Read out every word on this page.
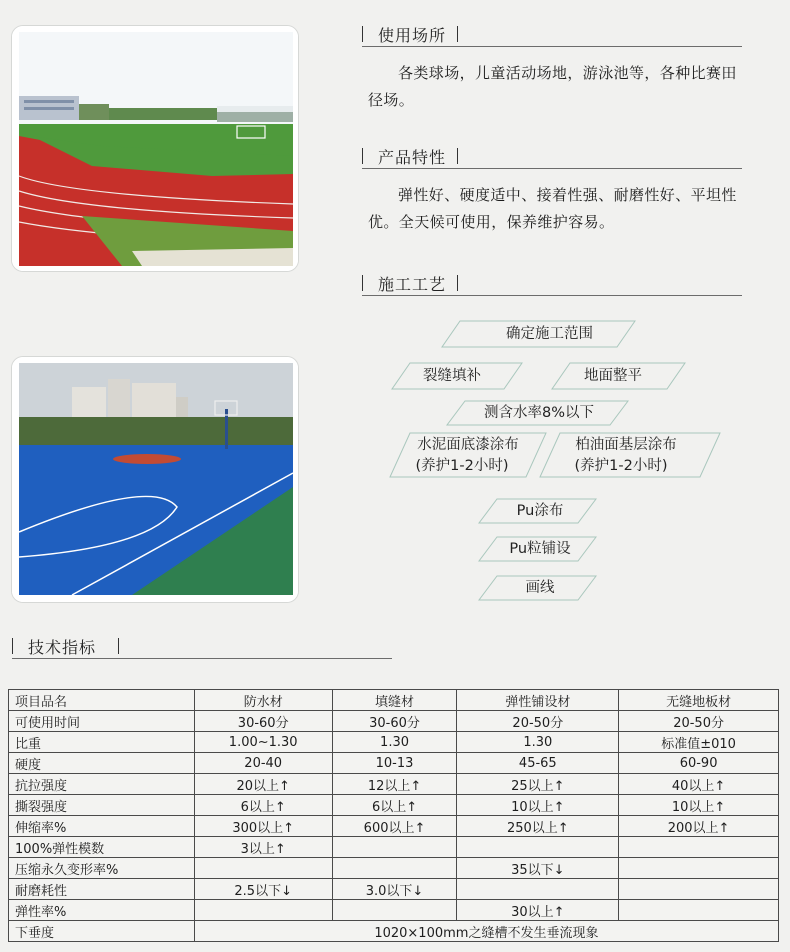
使用场所
各类球场，儿童活动场地，游泳池等，各种比赛田径场。
产品特性
弹性好、硬度适中、接着性强、耐磨性好、平坦性优。全天候可使用，保养维护容易。
施工工艺
确定施工范围
裂缝填补	地面整平
测含水率8%以下
水泥面底漆涂布
(养护1-2小时)
柏油面基层涂布
(养护1-2小时)
Pu涂布
Pu粒铺设
画线
技术指标
项目品名	防水材	填缝材	弹性铺设材	无缝地板材
可使用时间	30-60分	30-60分	20-50分	20-50分
比重	1.00~1.30	1.30	1.30	标准值±010
硬度	20-40	10-13	45-65	60-90
抗拉强度	20以上↑	12以上↑	25以上↑	40以上↑
撕裂强度	6以上↑	6以上↑	10以上↑	10以上↑
伸缩率%	300以上↑	600以上↑	250以上↑	200以上↑
100%弹性模数	3以上↑			
压缩永久变形率%			35以下↓	
耐磨耗性	2.5以下↓	3.0以下↓		
弹性率%			30以上↑	
下垂度	1020×100mm之缝槽不发生垂流现象			
